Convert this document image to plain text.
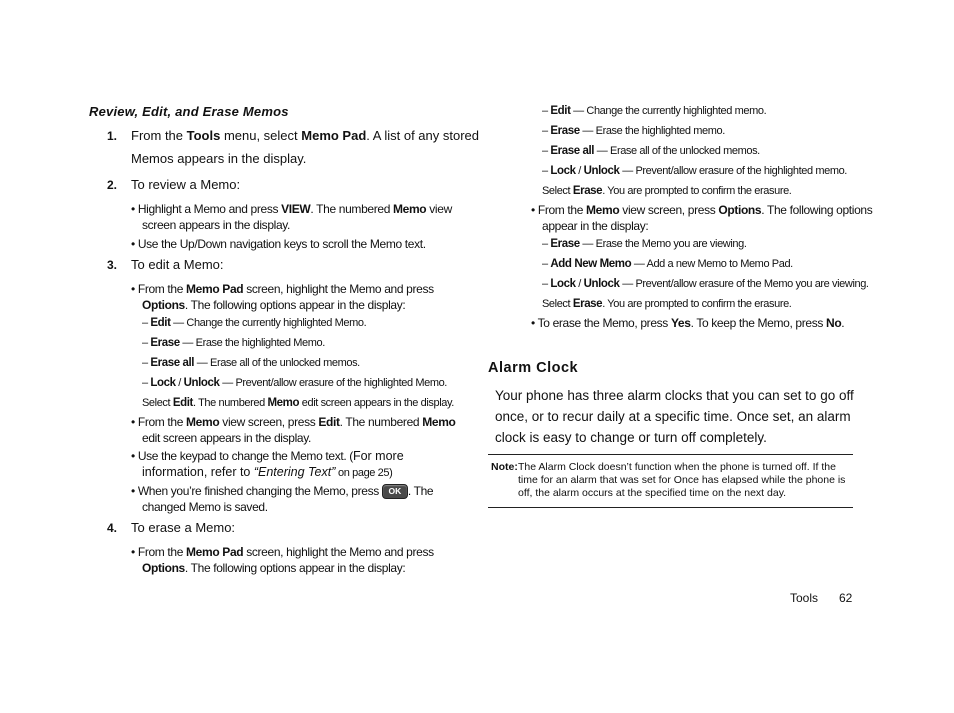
Review, Edit, and Erase Memos
1. From the Tools menu, select Memo Pad. A list of any stored
Memos appears in the display.
2. To review a Memo:
• Highlight a Memo and press VIEW. The numbered Memo view
screen appears in the display.
• Use the Up/Down navigation keys to scroll the Memo text.
3. To edit a Memo:
• From the Memo Pad screen, highlight the Memo and press
Options. The following options appear in the display:
– Edit — Change the currently highlighted Memo.
– Erase — Erase the highlighted Memo.
– Erase all — Erase all of the unlocked memos.
– Lock / Unlock — Prevent/allow erasure of the highlighted Memo.
Select Edit. The numbered Memo edit screen appears in the display.
• From the Memo view screen, press Edit. The numbered Memo
edit screen appears in the display.
• Use the keypad to change the Memo text. (For more
information, refer to “Entering Text” on page 25)
• When you’re finished changing the Memo, press OK . The
changed Memo is saved.
4. To erase a Memo:
• From the Memo Pad screen, highlight the Memo and press
Options. The following options appear in the display:
– Edit — Change the currently highlighted memo.
– Erase — Erase the highlighted memo.
– Erase all — Erase all of the unlocked memos.
– Lock / Unlock — Prevent/allow erasure of the highlighted memo.
Select Erase. You are prompted to confirm the erasure.
• From the Memo view screen, press Options. The following options
appear in the display:
– Erase — Erase the Memo you are viewing.
– Add New Memo — Add a new Memo to Memo Pad.
– Lock / Unlock — Prevent/allow erasure of the Memo you are viewing.
Select Erase. You are prompted to confirm the erasure.
• To erase the Memo, press Yes. To keep the Memo, press No.
Alarm Clock
Your phone has three alarm clocks that you can set to go off once, or to recur daily at a specific time. Once set, an alarm clock is easy to change or turn off completely.
Note: The Alarm Clock doesn’t function when the phone is turned off. If the
time for an alarm that was set for Once has elapsed while the phone is
off, the alarm occurs at the specified time on the next day.
Tools 62
